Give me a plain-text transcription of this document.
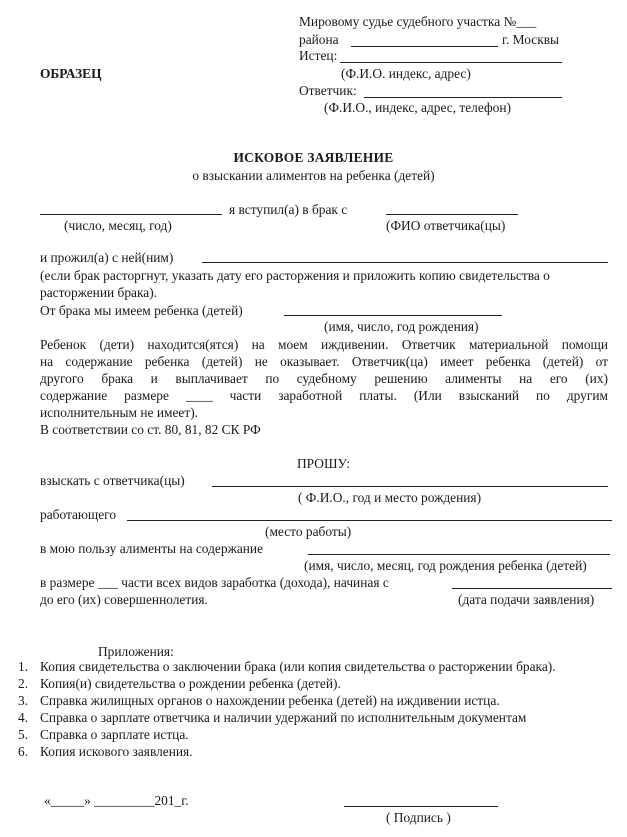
Мировому судье судебного участка №___
района	г. Москвы
Истец:
(Ф.И.О. индекс, адрес)
Ответчик:
(Ф.И.О., индекс, адрес, телефон)
ОБРАЗЕЦ
ИСКОВОЕ ЗАЯВЛЕНИЕ
о взыскании алиментов на ребенка (детей)
я вступил(а) в брак с
(число, месяц, год)	(ФИО ответчика(цы)
и прожил(а) с ней(ним)
(если брак расторгнут, указать дату его расторжения и приложить копию свидетельства о
расторжении брака).
От брака мы имеем ребенка (детей)
(имя, число, год рождения)
Ребенок (дети) находится(ятся) на моем иждивении. Ответчик материальной помощи
на содержание ребенка (детей) не оказывает. Ответчик(ца) имеет ребенка (детей) от
другого брака и выплачивает по судебному решению алименты на его (их)
содержание размере ____ части заработной платы. (Или взысканий по другим
исполнительным не имеет).
В соответствии со ст. 80, 81, 82 СК РФ
ПРОШУ:
взыскать с ответчика(цы)
( Ф.И.О., год и место рождения)
работающего
(место работы)
в мою пользу алименты на содержание
(имя, число, месяц, год рождения ребенка (детей)
в размере ___ части всех видов заработка (дохода), начиная с
до его (их) совершеннолетия.	(дата подачи заявления)
Приложения:
1. Копия свидетельства о заключении брака (или копия свидетельства о расторжении брака).
2. Копия(и) свидетельства о рождении ребенка (детей).
3. Справка жилищных органов о нахождении ребенка (детей) на иждивении истца.
4. Справка о зарплате ответчика и наличии удержаний по исполнительным документам
5. Справка о зарплате истца.
6. Копия искового заявления.
«_____» _________201_г.
( Подпись )
